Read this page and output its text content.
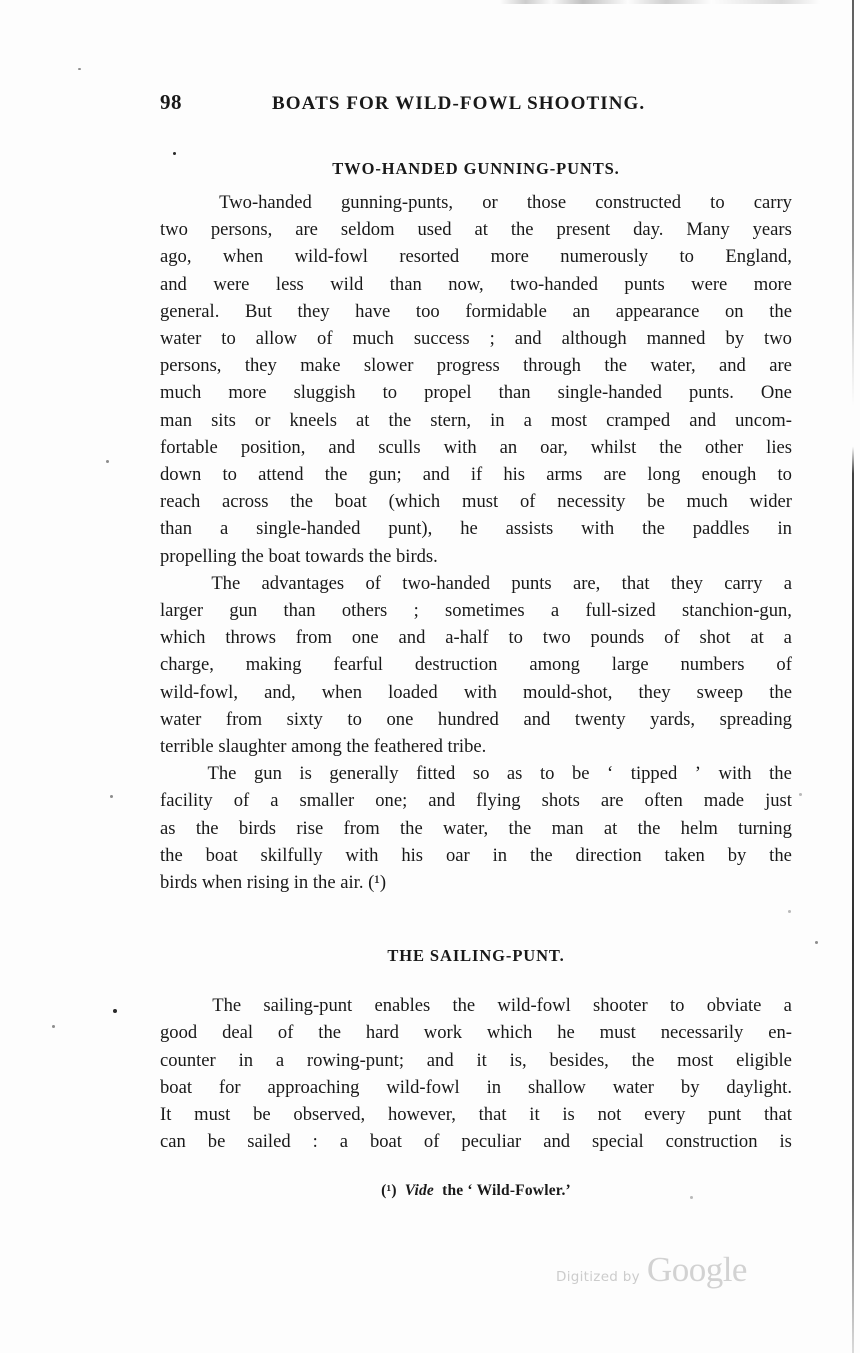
98	BOATS FOR WILD-FOWL SHOOTING.
TWO-HANDED GUNNING-PUNTS.
Two-handed gunning-punts, or those constructed to carry
two persons, are seldom used at the present day. Many years
ago, when wild-fowl resorted more numerously to England,
and were less wild than now, two-handed punts were more
general. But they have too formidable an appearance on the
water to allow of much success ; and although manned by two
persons, they make slower progress through the water, and are
much more sluggish to propel than single-handed punts. One
man sits or kneels at the stern, in a most cramped and uncom-
fortable position, and sculls with an oar, whilst the other lies
down to attend the gun; and if his arms are long enough to
reach across the boat (which must of necessity be much wider
than a single-handed punt), he assists with the paddles in
propelling the boat towards the birds.
The advantages of two-handed punts are, that they carry a
larger gun than others ; sometimes a full-sized stanchion-gun,
which throws from one and a-half to two pounds of shot at a
charge, making fearful destruction among large numbers of
wild-fowl, and, when loaded with mould-shot, they sweep the
water from sixty to one hundred and twenty yards, spreading
terrible slaughter among the feathered tribe.
The gun is generally fitted so as to be ‘ tipped ’ with the
facility of a smaller one; and flying shots are often made just
as the birds rise from the water, the man at the helm turning
the boat skilfully with his oar in the direction taken by the
birds when rising in the air. (¹)
THE SAILING-PUNT.
The sailing-punt enables the wild-fowl shooter to obviate a
good deal of the hard work which he must necessarily en-
counter in a rowing-punt; and it is, besides, the most eligible
boat for approaching wild-fowl in shallow water by daylight.
It must be observed, however, that it is not every punt that
can be sailed : a boat of peculiar and special construction is
(¹) Vide the ‘ Wild-Fowler.’
Digitized by Google
